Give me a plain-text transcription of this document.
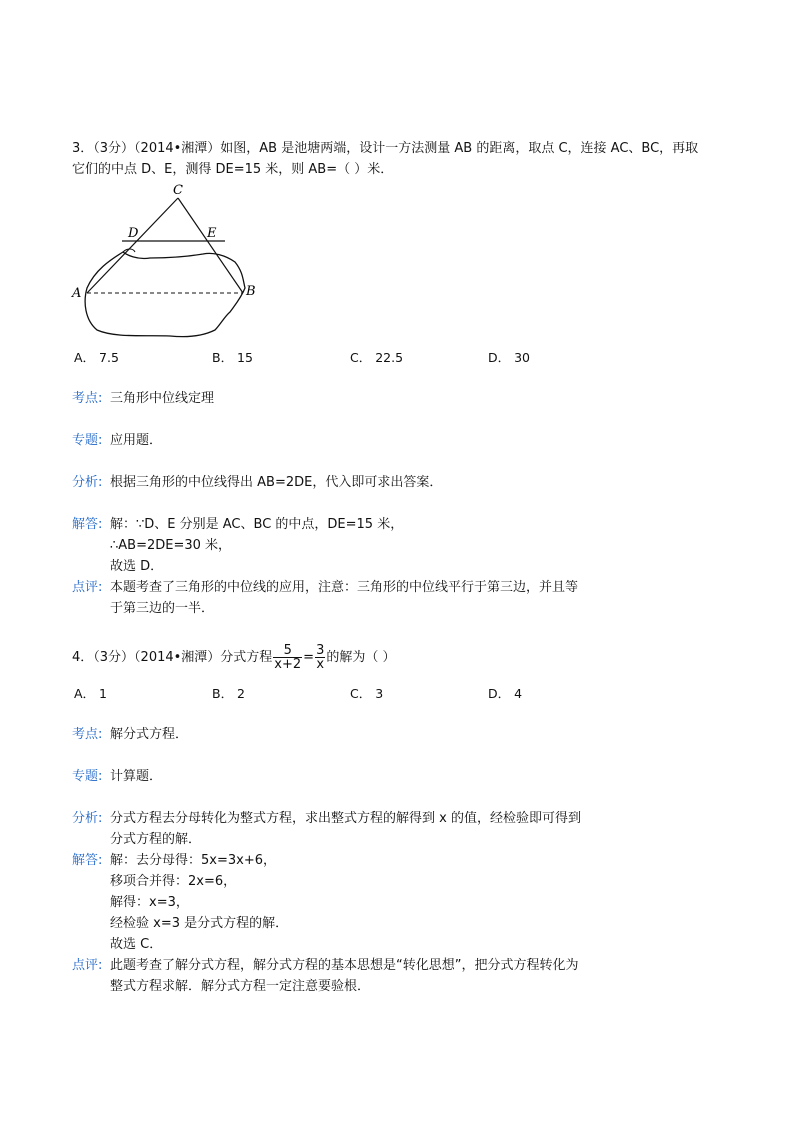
3．（3分）（2014•湘潭）如图，AB 是池塘两端，设计一方法测量 AB 的距离，取点 C，连接 AC、BC，再取
它们的中点 D、E，测得 DE=15 米，则 AB=（ ）米．
C
D	E
A	B
A． 7.5	B． 15	C． 22.5	D． 30
考点: 三角形中位线定理
专题: 应用题．
分析: 根据三角形的中位线得出 AB=2DE，代入即可求出答案．
解答: 解：∵D、E 分别是 AC、BC 的中点，DE=15 米，
∴AB=2DE=30 米，
故选 D．
点评: 本题考查了三角形的中位线的应用，注意：三角形的中位线平行于第三边，并且等
于第三边的一半．
4．（3分）（2014•湘潭）分式方程 $\frac{5}{x+2} = \frac{3}{x}$ 的解为（ ）
A． 1	B． 2	C． 3	D． 4
考点: 解分式方程．
专题: 计算题．
分析: 分式方程去分母转化为整式方程，求出整式方程的解得到 x 的值，经检验即可得到
分式方程的解．
解答: 解：去分母得：5x=3x+6，
移项合并得：2x=6，
解得：x=3，
经检验 x=3 是分式方程的解．
故选 C．
点评: 此题考查了解分式方程，解分式方程的基本思想是“转化思想”，把分式方程转化为
整式方程求解．解分式方程一定注意要验根．
